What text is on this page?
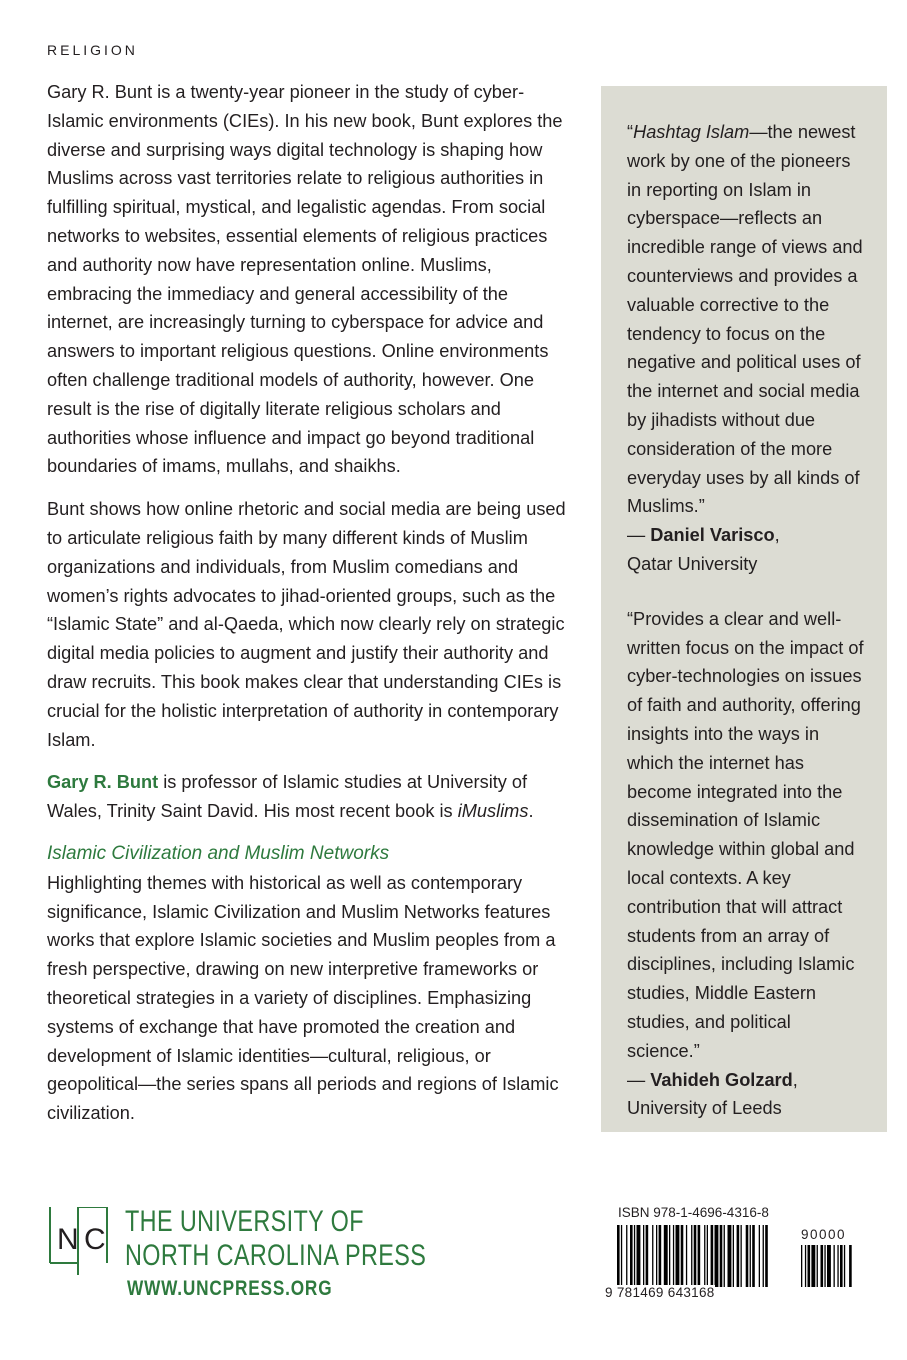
RELIGION

Gary R. Bunt is a twenty-year pioneer in the study of cyber-Islamic environments (CIEs). In his new book, Bunt explores the diverse and surprising ways digital technology is shaping how Muslims across vast territories relate to religious authorities in fulfilling spiritual, mystical, and legalistic agendas. From social networks to websites, essential elements of religious practices and authority now have representation online. Muslims, embracing the immediacy and general accessibility of the internet, are increasingly turning to cyberspace for advice and answers to important religious questions. Online environments often challenge traditional models of authority, however. One result is the rise of digitally literate religious scholars and authorities whose influence and impact go beyond traditional boundaries of imams, mullahs, and shaikhs.

Bunt shows how online rhetoric and social media are being used to articulate religious faith by many different kinds of Muslim organizations and individuals, from Muslim comedians and women’s rights advocates to jihad-oriented groups, such as the “Islamic State” and al-Qaeda, which now clearly rely on strategic digital media policies to augment and justify their authority and draw recruits. This book makes clear that understanding CIEs is crucial for the holistic interpretation of authority in contemporary Islam.

Gary R. Bunt is professor of Islamic studies at University of Wales, Trinity Saint David. His most recent book is iMuslims.

Islamic Civilization and Muslim Networks

Highlighting themes with historical as well as contemporary significance, Islamic Civilization and Muslim Networks features works that explore Islamic societies and Muslim peoples from a fresh perspective, drawing on new interpretive frameworks or theoretical strategies in a variety of disciplines. Emphasizing systems of exchange that have promoted the creation and development of Islamic identities—cultural, religious, or geopolitical—the series spans all periods and regions of Islamic civilization.

“Hashtag Islam—the newest work by one of the pioneers in reporting on Islam in cyberspace—reflects an incredible range of views and counterviews and provides a valuable corrective to the tendency to focus on the negative and political uses of the internet and social media by jihadists without due consideration of the more everyday uses by all kinds of Muslims.”

— Daniel Varisco,

Qatar University

“Provides a clear and well-written focus on the impact of cyber-technologies on issues of faith and authority, offering insights into the ways in which the internet has become integrated into the dissemination of Islamic knowledge within global and local contexts. A key contribution that will attract students from an array of disciplines, including Islamic studies, Middle Eastern studies, and political science.”

— Vahideh Golzard,

University of Leeds

N C
THE UNIVERSITY OF
NORTH CAROLINA PRESS
WWW.UNCPRESS.ORG
ISBN 978-1-4696-4316-8
90000
9 781469 643168
